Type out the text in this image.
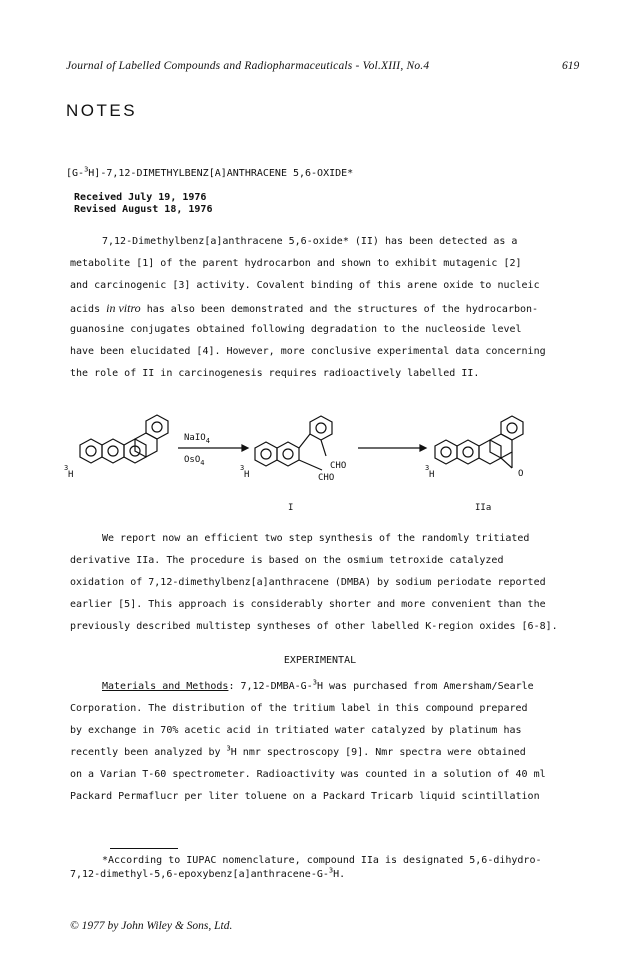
Journal of Labelled Compounds and Radiopharmaceuticals - Vol.XIII, No.4	619
NOTES
[G-$^3$H]-7,12-DIMETHYLBENZ[A]ANTHRACENE 5,6-OXIDE*
Received July 19, 1976
Revised August 18, 1976
7,12-Dimethylbenz[a]anthracene 5,6-oxide* (II) has been detected as a
metabolite [1] of the parent hydrocarbon and shown to exhibit mutagenic [2]
and carcinogenic [3] activity. Covalent binding of this arene oxide to nucleic
acids in vitro has also been demonstrated and the structures of the hydrocarbon-
guanosine conjugates obtained following degradation to the nucleoside level
have been elucidated [4]. However, more conclusive experimental data concerning
the role of II in carcinogenesis requires radioactively labelled II.
NaIO$_4$
OsO$_4$
3
H
3
H
CHO
CHO
3
H	O
I	IIa
We report now an efficient two step synthesis of the randomly tritiated
derivative IIa. The procedure is based on the osmium tetroxide catalyzed
oxidation of 7,12-dimethylbenz[a]anthracene (DMBA) by sodium periodate reported
earlier [5]. This approach is considerably shorter and more convenient than the
previously described multistep syntheses of other labelled K-region oxides [6-8].
EXPERIMENTAL
Materials and Methods: 7,12-DMBA-G-$^3$H was purchased from Amersham/Searle
Corporation. The distribution of the tritium label in this compound prepared
by exchange in 70% acetic acid in tritiated water catalyzed by platinum has
recently been analyzed by $^3$H nmr spectroscopy [9]. Nmr spectra were obtained
on a Varian T-60 spectrometer. Radioactivity was counted in a solution of 40 ml
Packard Permaflucr per liter toluene on a Packard Tricarb liquid scintillation
*According to IUPAC nomenclature, compound IIa is designated 5,6-dihydro-
7,12-dimethyl-5,6-epoxybenz[a]anthracene-G-$^3$H.
© 1977 by John Wiley & Sons, Ltd.
